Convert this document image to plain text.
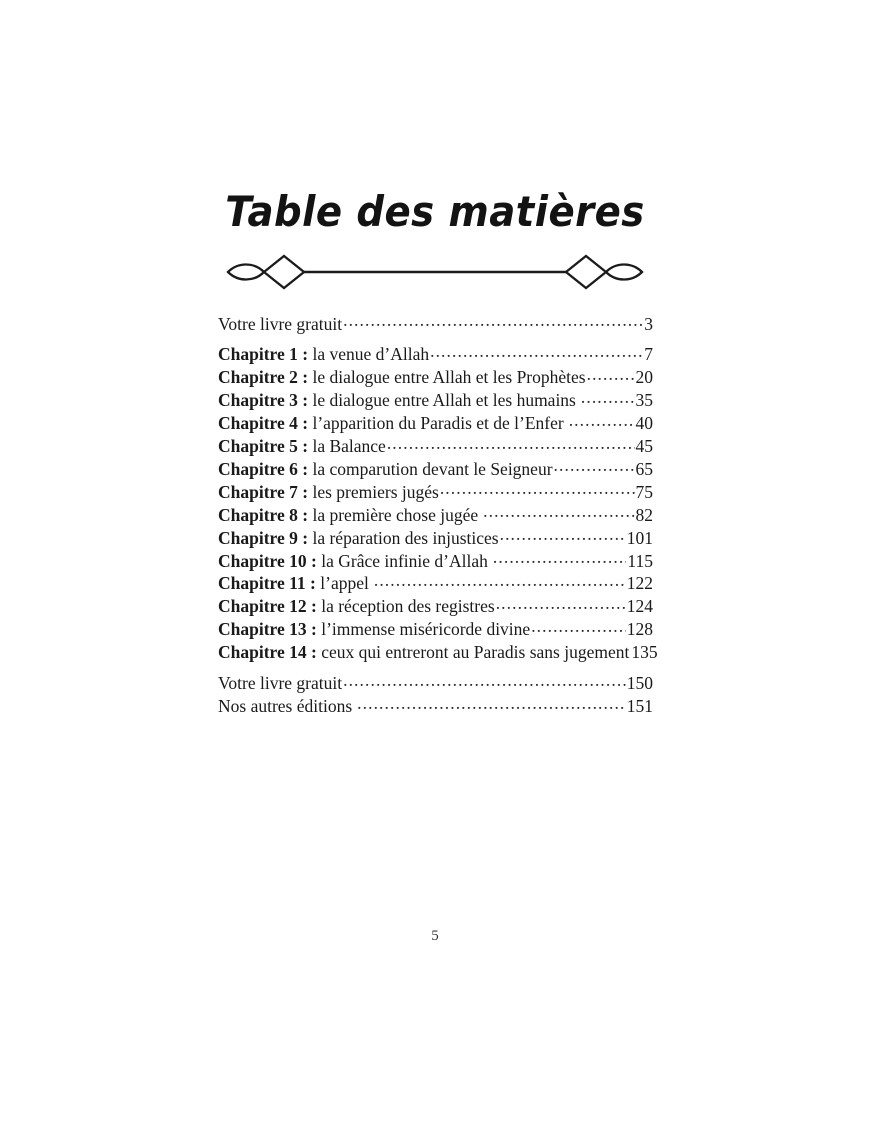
Table des matières
Votre livre gratuit .....	3
Chapitre 1 : la venue d’Allah .....	7
Chapitre 2 : le dialogue entre Allah et les Prophètes .....	20
Chapitre 3 : le dialogue entre Allah et les humains .....	35
Chapitre 4 : l’apparition du Paradis et de l’Enfer .....	40
Chapitre 5 : la Balance .....	45
Chapitre 6 : la comparution devant le Seigneur .....	65
Chapitre 7 : les premiers jugés .....	75
Chapitre 8 : la première chose jugée .....	82
Chapitre 9 : la réparation des injustices .....	101
Chapitre 10 : la Grâce infinie d’Allah .....	115
Chapitre 11 : l’appel .....	122
Chapitre 12 : la réception des registres .....	124
Chapitre 13 : l’immense miséricorde divine .....	128
Chapitre 14 : ceux qui entreront au Paradis sans jugement 135
Votre livre gratuit .....	150
Nos autres éditions .....	151
5
